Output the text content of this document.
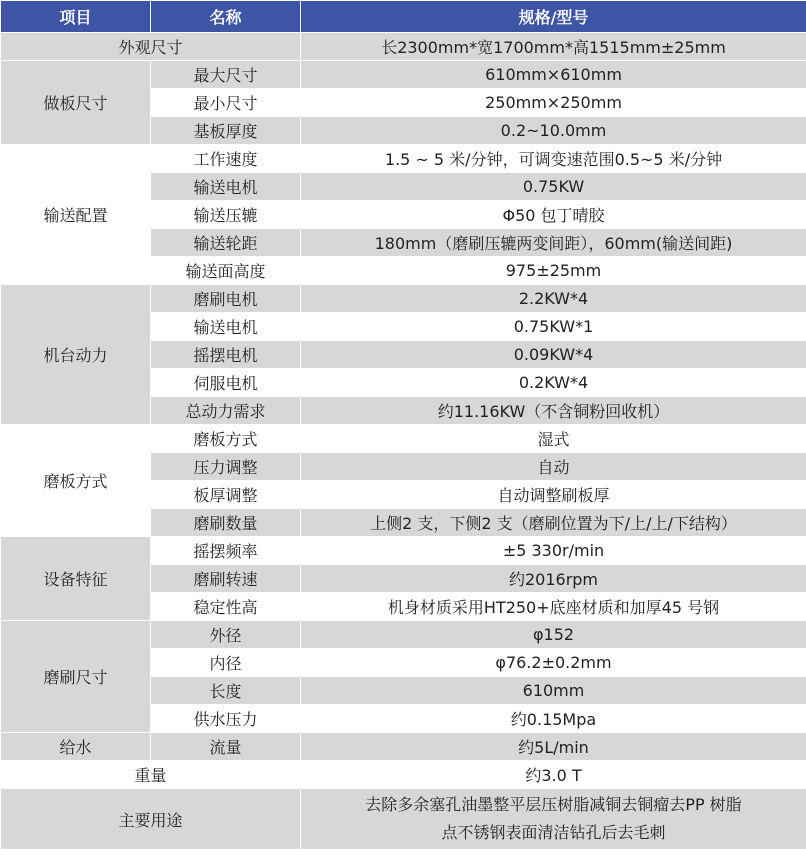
项目	名称	规格/型号
外观尺寸		长2300mm*宽1700mm*高1515mm±25mm
做板尺寸	最大尺寸	610mm×610mm
	最小尺寸	250mm×250mm
	基板厚度	0.2~10.0mm
输送配置	工作速度	1.5 ~ 5 米/分钟，可调变速范围0.5~5 米/分钟
	输送电机	0.75KW
	输送压辘	Φ50 包丁晴胶
	输送轮距	180mm（磨刷压辘两变间距），60mm(输送间距)
	输送面高度	975±25mm
机台动力	磨刷电机	2.2KW*4
	输送电机	0.75KW*1
	摇摆电机	0.09KW*4
	伺服电机	0.2KW*4
	总动力需求	约11.16KW（不含铜粉回收机）
磨板方式	磨板方式	湿式
	压力调整	自动
	板厚调整	自动调整刷板厚
	磨刷数量	上侧2 支，下侧2 支（磨刷位置为下/上/上/下结构）
设备特征	摇摆频率	±5 330r/min
	磨刷转速	约2016rpm
	稳定性高	机身材质采用HT250+底座材质和加厚45 号钢
磨刷尺寸	外径	φ152
	内径	φ76.2±0.2mm
	长度	610mm
	供水压力	约0.15Mpa
给水	流量	约5L/min
重量		约3.0 T
主要用途		去除多余塞孔油墨整平层压树脂减铜去铜瘤去PP 树脂
点不锈钢表面清洁钻孔后去毛刺
